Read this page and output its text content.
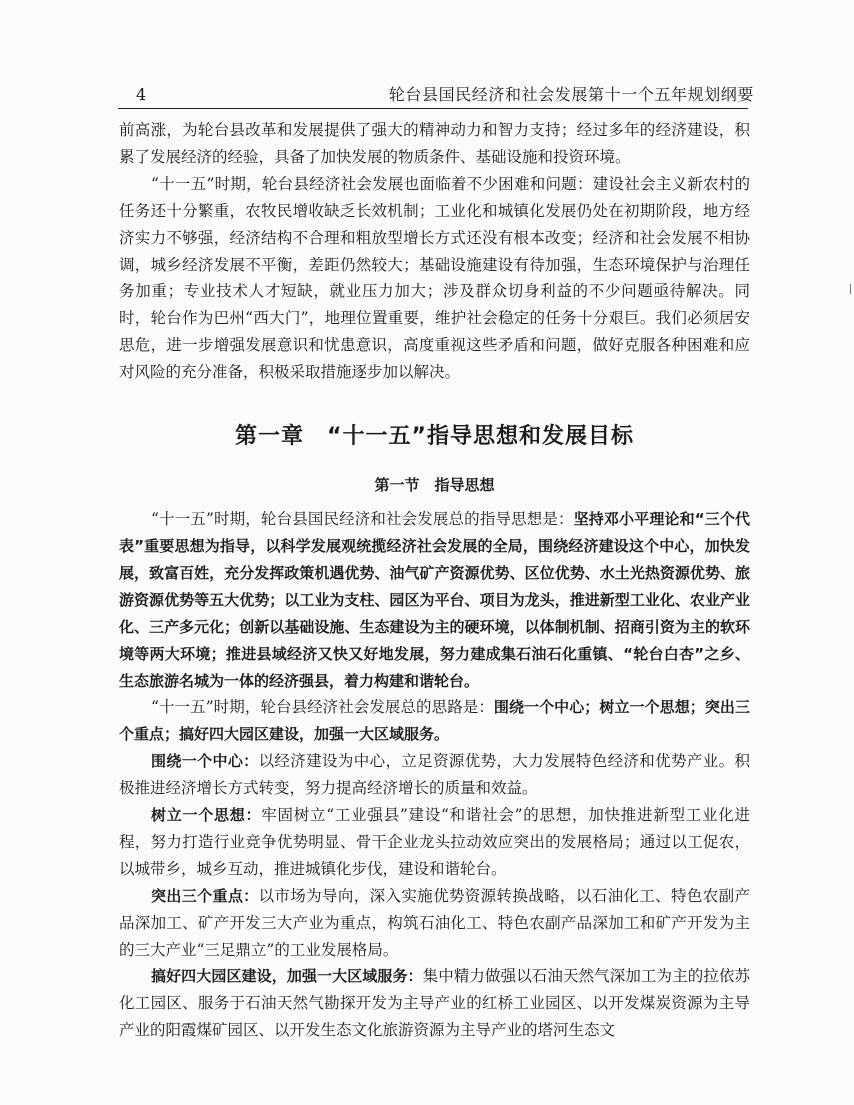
4	轮台县国民经济和社会发展第十一个五年规划纲要

前高涨，为轮台县改革和发展提供了强大的精神动力和智力支持；经过多年的经济建设，积累了发展经济的经验，具备了加快发展的物质条件、基础设施和投资环境。

“十一五”时期，轮台县经济社会发展也面临着不少困难和问题：建设社会主义新农村的任务还十分繁重，农牧民增收缺乏长效机制；工业化和城镇化发展仍处在初期阶段，地方经济实力不够强，经济结构不合理和粗放型增长方式还没有根本改变；经济和社会发展不相协调，城乡经济发展不平衡，差距仍然较大；基础设施建设有待加强，生态环境保护与治理任务加重；专业技术人才短缺，就业压力加大；涉及群众切身利益的不少问题亟待解决。同时，轮台作为巴州“西大门”，地理位置重要，维护社会稳定的任务十分艰巨。我们必须居安思危，进一步增强发展意识和忧患意识，高度重视这些矛盾和问题，做好克服各种困难和应对风险的充分准备，积极采取措施逐步加以解决。

第一章　“十一五”指导思想和发展目标
第一节　指导思想

“十一五”时期，轮台县国民经济和社会发展总的指导思想是：坚持邓小平理论和“三个代表”重要思想为指导，以科学发展观统揽经济社会发展的全局，围绕经济建设这个中心，加快发展，致富百姓，充分发挥政策机遇优势、油气矿产资源优势、区位优势、水土光热资源优势、旅游资源优势等五大优势；以工业为支柱、园区为平台、项目为龙头，推进新型工业化、农业产业化、三产多元化；创新以基础设施、生态建设为主的硬环境，以体制机制、招商引资为主的软环境等两大环境；推进县域经济又快又好地发展，努力建成集石油石化重镇、“轮台白杏”之乡、生态旅游名城为一体的经济强县，着力构建和谐轮台。

“十一五”时期，轮台县经济社会发展总的思路是：围绕一个中心；树立一个思想；突出三个重点；搞好四大园区建设，加强一大区域服务。

围绕一个中心：以经济建设为中心，立足资源优势，大力发展特色经济和优势产业。积极推进经济增长方式转变，努力提高经济增长的质量和效益。

树立一个思想：牢固树立“工业强县”建设“和谐社会”的思想，加快推进新型工业化进程，努力打造行业竞争优势明显、骨干企业龙头拉动效应突出的发展格局；通过以工促农，以城带乡，城乡互动，推进城镇化步伐，建设和谐轮台。

突出三个重点：以市场为导向，深入实施优势资源转换战略，以石油化工、特色农副产品深加工、矿产开发三大产业为重点，构筑石油化工、特色农副产品深加工和矿产开发为主的三大产业“三足鼎立”的工业发展格局。

搞好四大园区建设，加强一大区域服务：集中精力做强以石油天然气深加工为主的拉依苏化工园区、服务于石油天然气勘探开发为主导产业的红桥工业园区、以开发煤炭资源为主导产业的阳霞煤矿园区、以开发生态文化旅游资源为主导产业的塔河生态文
